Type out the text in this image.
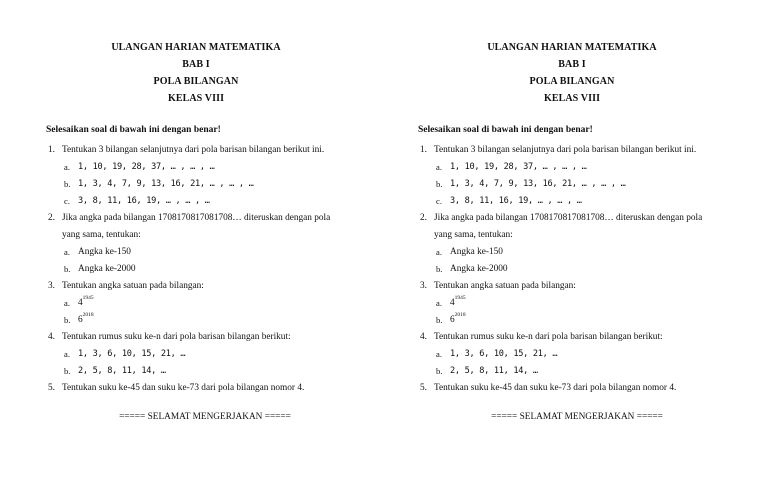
ULANGAN HARIAN MATEMATIKA
BAB I
POLA BILANGAN
KELAS VIII
Selesaikan soal di bawah ini dengan benar!
1. Tentukan 3 bilangan selanjutnya dari pola barisan bilangan berikut ini.
a. 1, 10, 19, 28, 37, … , … , …
b. 1, 3, 4, 7, 9, 13, 16, 21, … , … , …
c. 3, 8, 11, 16, 19, … , … , …
2. Jika angka pada bilangan 1708170817081708… diteruskan dengan pola
yang sama, tentukan:
a. Angka ke-150
b. Angka ke-2000
3. Tentukan angka satuan pada bilangan:
a. $4^{1945}$
b. $6^{2018}$
4. Tentukan rumus suku ke-n dari pola barisan bilangan berikut:
a. 1, 3, 6, 10, 15, 21, …
b. 2, 5, 8, 11, 14, …
5. Tentukan suku ke-45 dan suku ke-73 dari pola bilangan nomor 4.
===== SELAMAT MENGERJAKAN =====
ULANGAN HARIAN MATEMATIKA
BAB I
POLA BILANGAN
KELAS VIII
Selesaikan soal di bawah ini dengan benar!
1. Tentukan 3 bilangan selanjutnya dari pola barisan bilangan berikut ini.
a. 1, 10, 19, 28, 37, … , … , …
b. 1, 3, 4, 7, 9, 13, 16, 21, … , … , …
c. 3, 8, 11, 16, 19, … , … , …
2. Jika angka pada bilangan 1708170817081708… diteruskan dengan pola
yang sama, tentukan:
a. Angka ke-150
b. Angka ke-2000
3. Tentukan angka satuan pada bilangan:
a. $4^{1945}$
b. $6^{2018}$
4. Tentukan rumus suku ke-n dari pola barisan bilangan berikut:
a. 1, 3, 6, 10, 15, 21, …
b. 2, 5, 8, 11, 14, …
5. Tentukan suku ke-45 dan suku ke-73 dari pola bilangan nomor 4.
===== SELAMAT MENGERJAKAN =====
